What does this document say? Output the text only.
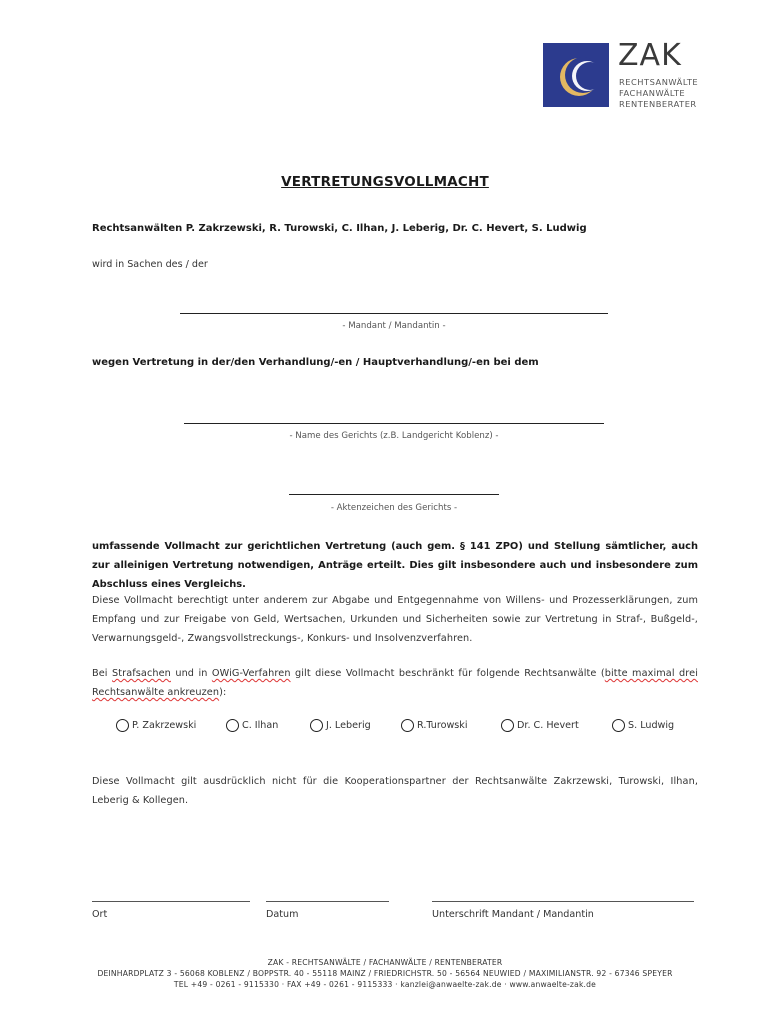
ZAK
RECHTSANWÄLTE
FACHANWÄLTE
RENTENBERATER
VERTRETUNGSVOLLMACHT
Rechtsanwälten P. Zakrzewski, R. Turowski, C. Ilhan, J. Leberig, Dr. C. Hevert, S. Ludwig
wird in Sachen des / der
- Mandant / Mandantin -
wegen Vertretung in der/den Verhandlung/-en / Hauptverhandlung/-en bei dem
- Name des Gerichts (z.B. Landgericht Koblenz) -
- Aktenzeichen des Gerichts -
umfassende Vollmacht zur gerichtlichen Vertretung (auch gem. § 141 ZPO) und Stellung sämtlicher, auch zur alleinigen Vertretung notwendigen, Anträge erteilt. Dies gilt insbesondere auch und insbesondere zum Abschluss eines Vergleichs.
Diese Vollmacht berechtigt unter anderem zur Abgabe und Entgegennahme von Willens- und Prozesserklärungen, zum Empfang und zur Freigabe von Geld, Wertsachen, Urkunden und Sicherheiten sowie zur Vertretung in Straf-, Bußgeld-, Verwarnungsgeld-, Zwangsvollstreckungs-, Konkurs- und Insolvenzverfahren.
Bei Strafsachen und in OWiG-Verfahren gilt diese Vollmacht beschränkt für folgende Rechtsanwälte (bitte maximal drei Rechtsanwälte ankreuzen):
P. Zakrzewski	C. Ilhan	J. Leberig	R.Turowski	Dr. C. Hevert	S. Ludwig
Diese Vollmacht gilt ausdrücklich nicht für die Kooperationspartner der Rechtsanwälte Zakrzewski, Turowski, Ilhan, Leberig & Kollegen.
Ort	Datum	Unterschrift Mandant / Mandantin
ZAK - RECHTSANWÄLTE / FACHANWÄLTE / RENTENBERATER
DEINHARDPLATZ 3 - 56068 KOBLENZ / BOPPSTR. 40 - 55118 MAINZ / FRIEDRICHSTR. 50 - 56564 NEUWIED / MAXIMILIANSTR. 92 - 67346 SPEYER
TEL +49 - 0261 - 9115330 · FAX +49 - 0261 - 9115333 · kanzlei@anwaelte-zak.de · www.anwaelte-zak.de
